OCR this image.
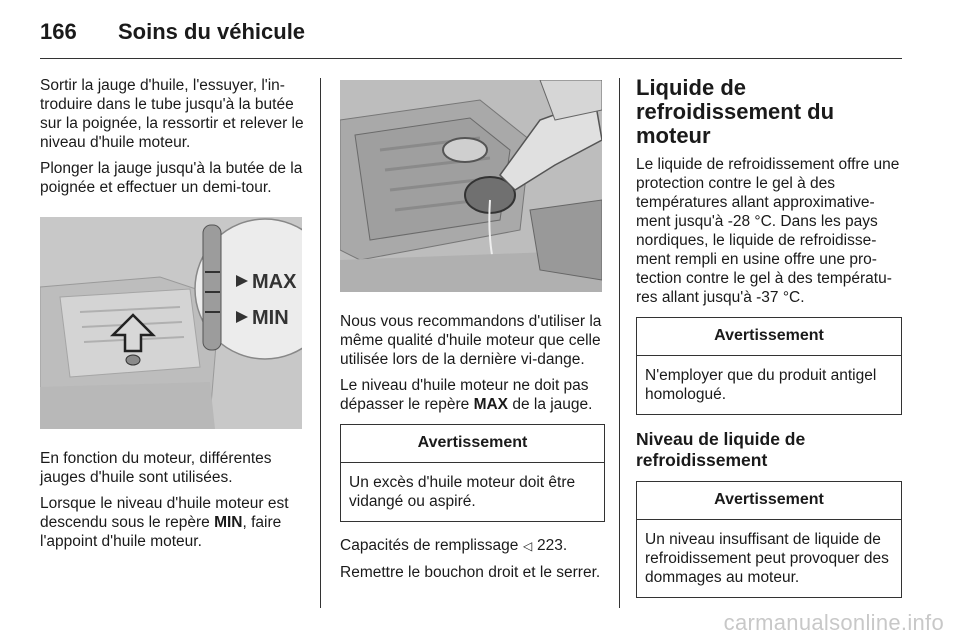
166	Soins du véhicule

Sortir la jauge d'huile, l'essuyer, l'in-troduire dans le tube jusqu'à la butée sur la poignée, la ressortir et relever le niveau d'huile moteur.

Plonger la jauge jusqu'à la butée de la poignée et effectuer un demi-tour.

MAX
MIN

En fonction du moteur, différentes jauges d'huile sont utilisées.

Lorsque le niveau d'huile moteur est descendu sous le repère MIN, faire l'appoint d'huile moteur.

Nous vous recommandons d'utiliser la même qualité d'huile moteur que celle utilisée lors de la dernière vi-dange.

Le niveau d'huile moteur ne doit pas dépasser le repère MAX de la jauge.

Avertissement
Un excès d'huile moteur doit être vidangé ou aspiré.

Capacités de remplissage ◁ 223.

Remettre le bouchon droit et le serrer.

Liquide de refroidissement du moteur

Le liquide de refroidissement offre une protection contre le gel à des températures allant approximative-ment jusqu'à -28 °C. Dans les pays nordiques, le liquide de refroidisse-ment rempli en usine offre une pro-tection contre le gel à des températu-res allant jusqu'à -37 °C.

Avertissement
N'employer que du produit antigel homologué.
Niveau de liquide de refroidissement
Avertissement
Un niveau insuffisant de liquide de refroidissement peut provoquer des dommages au moteur.
carmanualsonline.info
